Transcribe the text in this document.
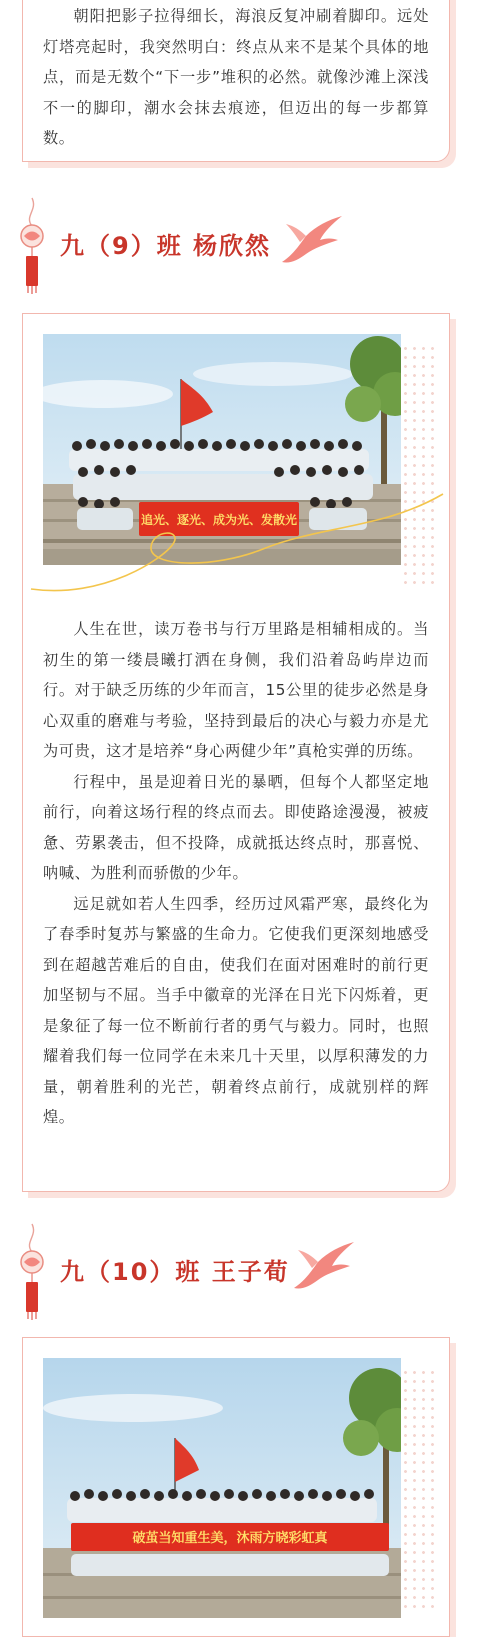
朝阳把影子拉得细长，海浪反复冲刷着脚印。远处灯塔亮起时，我突然明白：终点从来不是某个具体的地点，而是无数个“下一步”堆积的必然。就像沙滩上深浅不一的脚印，潮水会抹去痕迹，但迈出的每一步都算数。

九（9）班 杨欣然
追光、逐光、成为光、发散光

人生在世，读万卷书与行万里路是相辅相成的。当初生的第一缕晨曦打洒在身侧，我们沿着岛屿岸边而行。对于缺乏历练的少年而言，15公里的徒步必然是身心双重的磨难与考验，坚持到最后的决心与毅力亦是尤为可贵，这才是培养“身心两健少年”真枪实弹的历练。

行程中，虽是迎着日光的暴晒，但每个人都坚定地前行，向着这场行程的终点而去。即使路途漫漫，被疲惫、劳累袭击，但不投降，成就抵达终点时，那喜悦、呐喊、为胜利而骄傲的少年。

远足就如若人生四季，经历过风霜严寒，最终化为了春季时复苏与繁盛的生命力。它使我们更深刻地感受到在超越苦难后的自由，使我们在面对困难时的前行更加坚韧与不屈。当手中徽章的光泽在日光下闪烁着，更是象征了每一位不断前行者的勇气与毅力。同时，也照耀着我们每一位同学在未来几十天里，以厚积薄发的力量，朝着胜利的光芒，朝着终点前行，成就别样的辉煌。

九（10）班 王子荀
破茧当知重生美，沐雨方晓彩虹真
